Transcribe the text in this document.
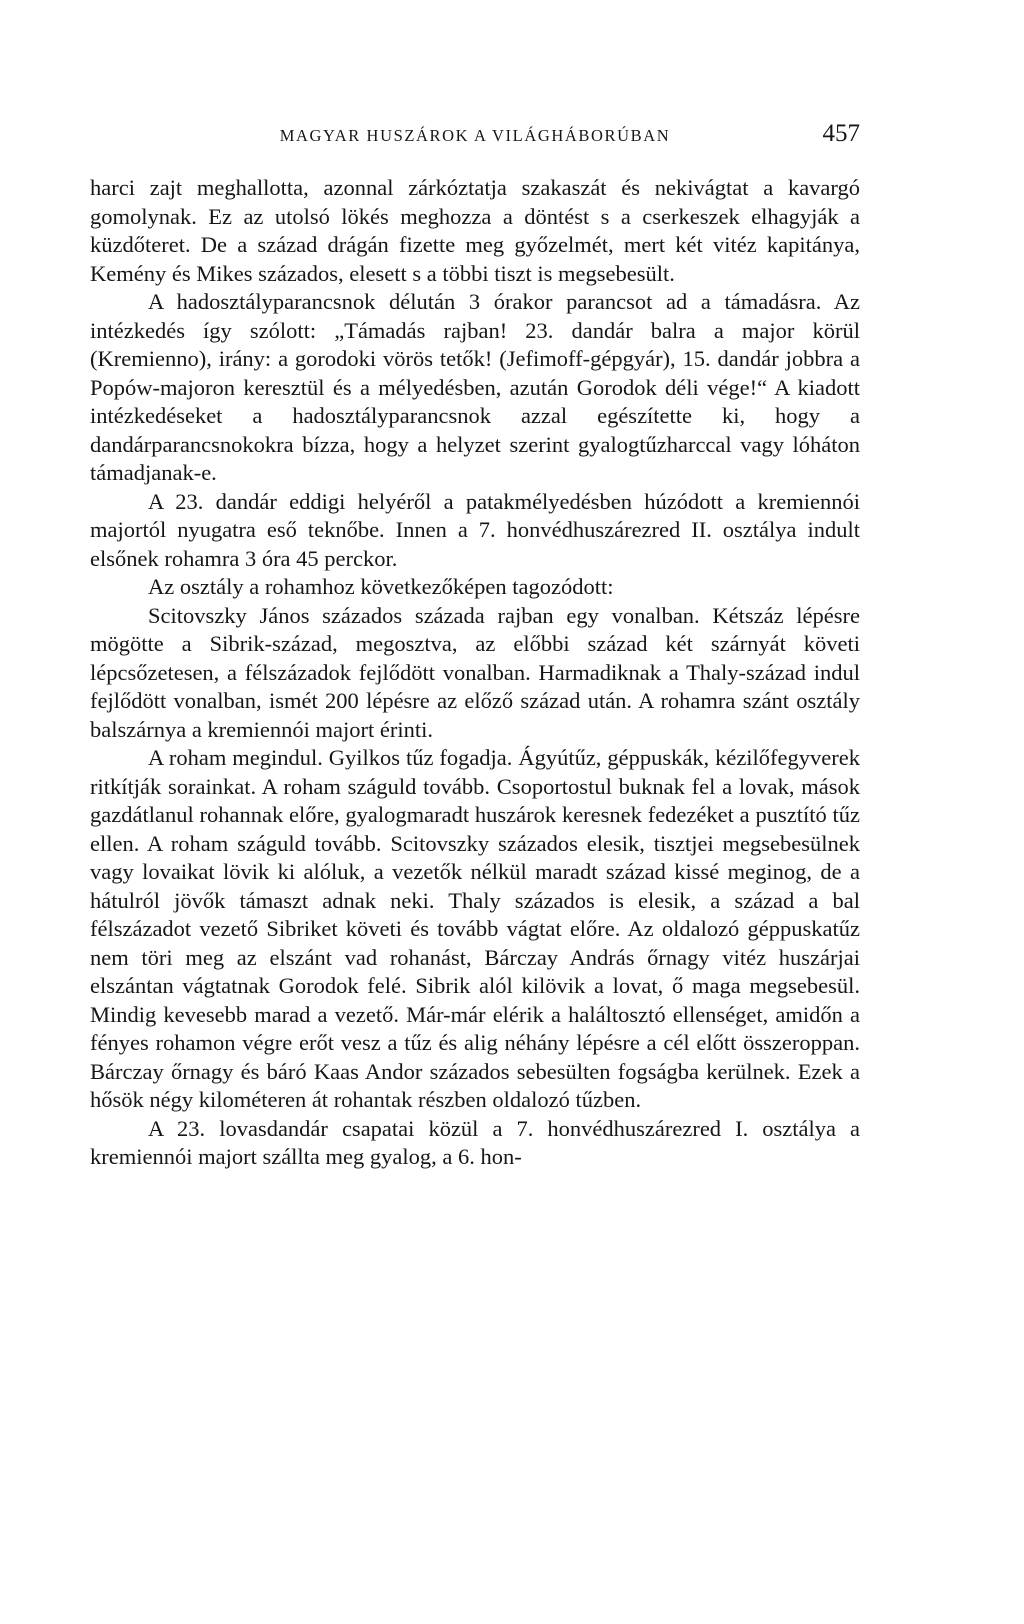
MAGYAR HUSZÁROK A VILÁGHÁBORÚBAN	457

harci zajt meghallotta, azonnal zárkóztatja szakaszát és nekivágtat a kavargó gomolynak. Ez az utolsó lökés meghozza a döntést s a cserkeszek elhagyják a küzdőteret. De a század drágán fizette meg győzelmét, mert két vitéz kapitánya, Kemény és Mikes százados, elesett s a többi tiszt is megsebesült.

A hadosztályparancsnok délután 3 órakor parancsot ad a támadásra. Az intézkedés így szólott: „Támadás rajban! 23. dandár balra a major körül (Kremienno), irány: a gorodoki vörös tetők! (Jefimoff-gépgyár), 15. dandár jobbra a Popów-majoron keresztül és a mélyedésben, azután Gorodok déli vége!“ A kiadott intézkedéseket a hadosztályparancsnok azzal egészítette ki, hogy a dandárparancsnokokra bízza, hogy a helyzet szerint gyalogtűzharccal vagy lóháton támadjanak-e.

A 23. dandár eddigi helyéről a patakmélyedésben húzódott a kremiennói majortól nyugatra eső teknőbe. Innen a 7. honvédhuszárezred II. osztálya indult elsőnek rohamra 3 óra 45 perckor.

Az osztály a rohamhoz következőképen tagozódott:

Scitovszky János százados százada rajban egy vonalban. Kétszáz lépésre mögötte a Sibrik-század, megosztva, az előbbi század két szárnyát követi lépcsőzetesen, a félszázadok fejlődött vonalban. Harmadiknak a Thaly-század indul fejlődött vonalban, ismét 200 lépésre az előző század után. A rohamra szánt osztály balszárnya a kremiennói majort érinti.

A roham megindul. Gyilkos tűz fogadja. Ágyútűz, géppuskák, kézilőfegyverek ritkítják sorainkat. A roham száguld tovább. Csoportostul buknak fel a lovak, mások gazdátlanul rohannak előre, gyalogmaradt huszárok keresnek fedezéket a pusztító tűz ellen. A roham száguld tovább. Scitovszky százados elesik, tisztjei megsebesülnek vagy lovaikat lövik ki alóluk, a vezetők nélkül maradt század kissé meginog, de a hátulról jövők támaszt adnak neki. Thaly százados is elesik, a század a bal félszázadot vezető Sibriket követi és tovább vágtat előre. Az oldalozó géppuskatűz nem töri meg az elszánt vad rohanást, Bárczay András őrnagy vitéz huszárjai elszántan vágtatnak Gorodok felé. Sibrik alól kilövik a lovat, ő maga megsebesül. Mindig kevesebb marad a vezető. Már-már elérik a haláltosztó ellenséget, amidőn a fényes rohamon végre erőt vesz a tűz és alig néhány lépésre a cél előtt összeroppan. Bárczay őrnagy és báró Kaas Andor százados sebesülten fogságba kerülnek. Ezek a hősök négy kilométeren át rohantak részben oldalozó tűzben.

A 23. lovasdandár csapatai közül a 7. honvédhuszárezred I. osztálya a kremiennói majort szállta meg gyalog, a 6. hon-
